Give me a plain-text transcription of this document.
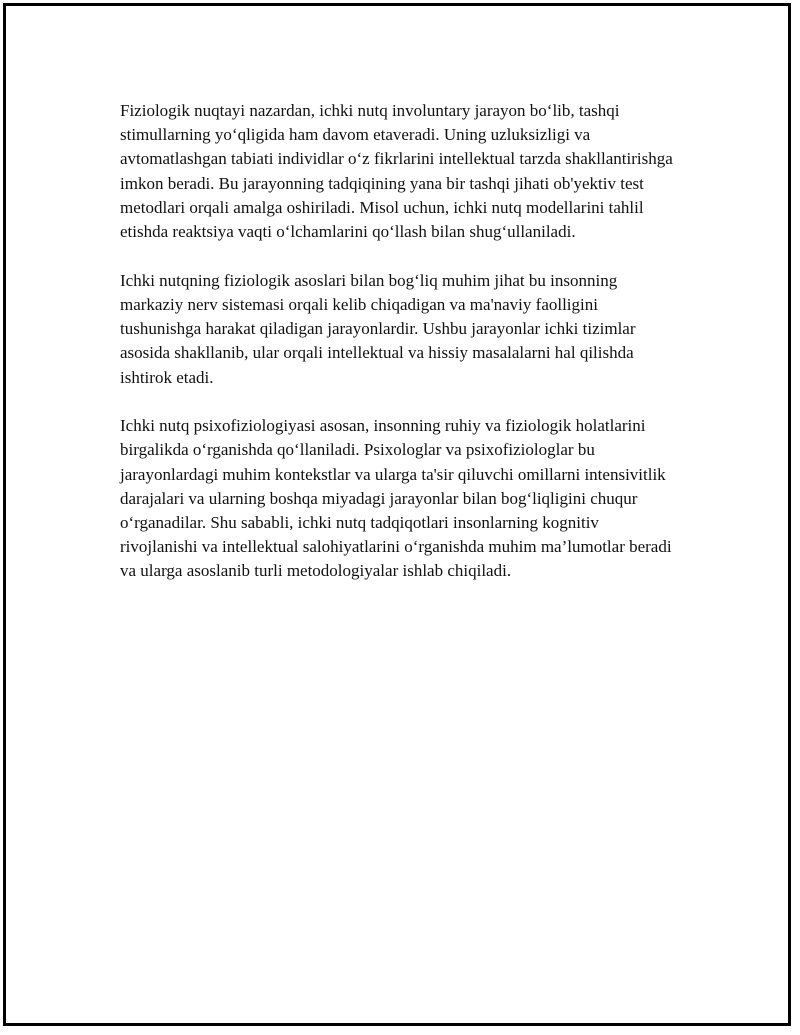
Fiziologik nuqtayi nazardan, ichki nutq involuntary jarayon bo‘lib, tashqi stimullarning yo‘qligida ham davom etaveradi. Uning uzluksizligi va avtomatlashgan tabiati individlar o‘z fikrlarini intellektual tarzda shakllantirishga imkon beradi. Bu jarayonning tadqiqining yana bir tashqi jihati ob'yektiv test metodlari orqali amalga oshiriladi. Misol uchun, ichki nutq modellarini tahlil etishda reaktsiya vaqti o‘lchamlarini qo‘llash bilan shug‘ullaniladi.

Ichki nutqning fiziologik asoslari bilan bog‘liq muhim jihat bu insonning markaziy nerv sistemasi orqali kelib chiqadigan va ma'naviy faolligini tushunishga harakat qiladigan jarayonlardir. Ushbu jarayonlar ichki tizimlar asosida shakllanib, ular orqali intellektual va hissiy masalalarni hal qilishda ishtirok etadi.

Ichki nutq psixofiziologiyasi asosan, insonning ruhiy va fiziologik holatlarini birgalikda o‘rganishda qo‘llaniladi. Psixologlar va psixofiziologlar bu jarayonlardagi muhim kontekstlar va ularga ta'sir qiluvchi omillarni intensivitlik darajalari va ularning boshqa miyadagi jarayonlar bilan bog‘liqligini chuqur o‘rganadilar. Shu sababli, ichki nutq tadqiqotlari insonlarning kognitiv rivojlanishi va intellektual salohiyatlarini o‘rganishda muhim ma’lumotlar beradi va ularga asoslanib turli metodologiyalar ishlab chiqiladi.
